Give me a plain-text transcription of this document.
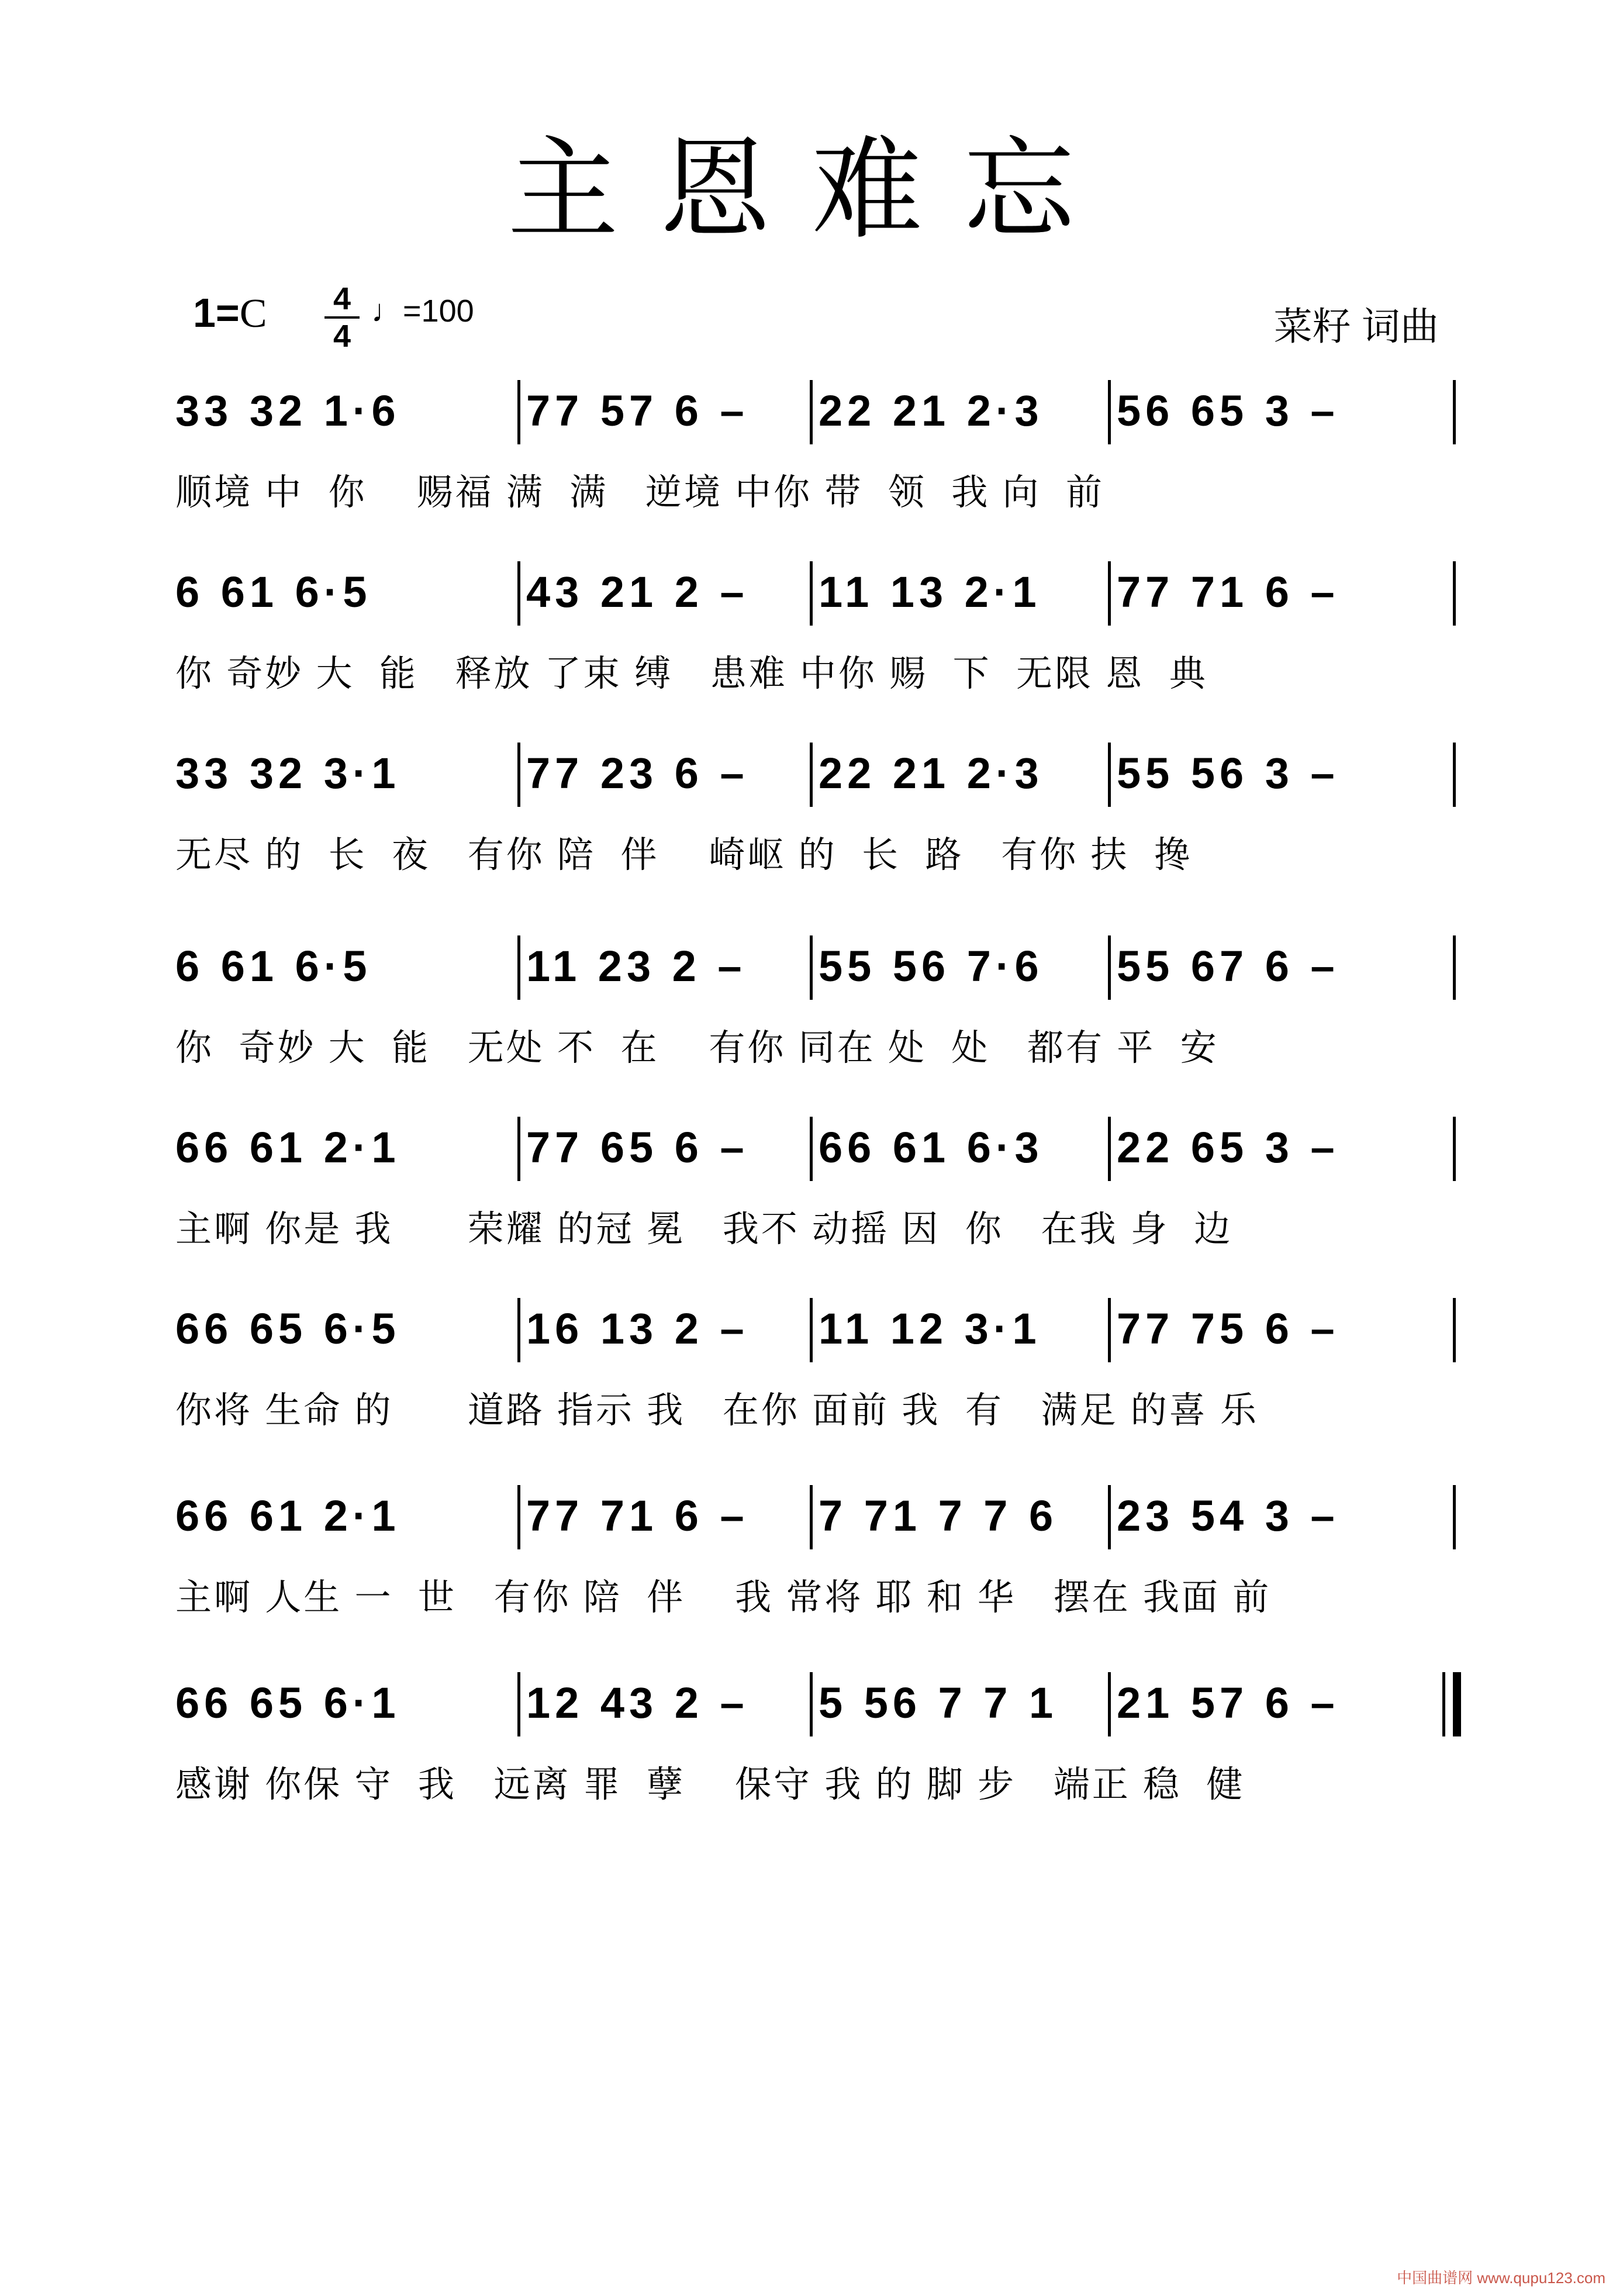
主恩难忘
1=C 4
4
♩=100	菜籽 词曲
33 32 1·6	77 57 6 – 22 21 2·3 56 65 3 –
顺境 中  你    赐福 满  满   逆境 中你 带  领  我 向  前
6 61 6·5	43 21 2 – 11 13 2·1 77 71 6 –
你 奇妙 大  能   释放 了束 缚   患难 中你 赐  下  无限 恩  典
33 32 3·1	77 23 6 – 22 21 2·3 55 56 3 –
无尽 的  长  夜   有你 陪  伴    崎岖 的  长  路   有你 扶  搀
6 61 6·5	11 23 2 – 55 56 7·6 55 67 6 –
你  奇妙 大  能   无处 不  在    有你 同在 处  处   都有 平  安
66 61 2·1	77 65 6 – 66 61 6·3 22 65 3 –
主啊 你是 我      荣耀 的冠 冕   我不 动摇 因  你   在我 身  边
66 65 6·5	16 13 2 – 11 12 3·1 77 75 6 –
你将 生命 的      道路 指示 我   在你 面前 我  有   满足 的喜 乐
66 61 2·1	77 71 6 – 7 71 7 7 6 23 54 3 –
主啊 人生 一  世   有你 陪  伴    我 常将 耶 和 华   摆在 我面 前
66 65 6·1	12 43 2 – 5 56 7 7 1 21 57 6 –
感谢 你保 守  我   远离 罪  孽    保守 我 的 脚 步   端正 稳  健
中国曲谱网 www.qupu123.com
